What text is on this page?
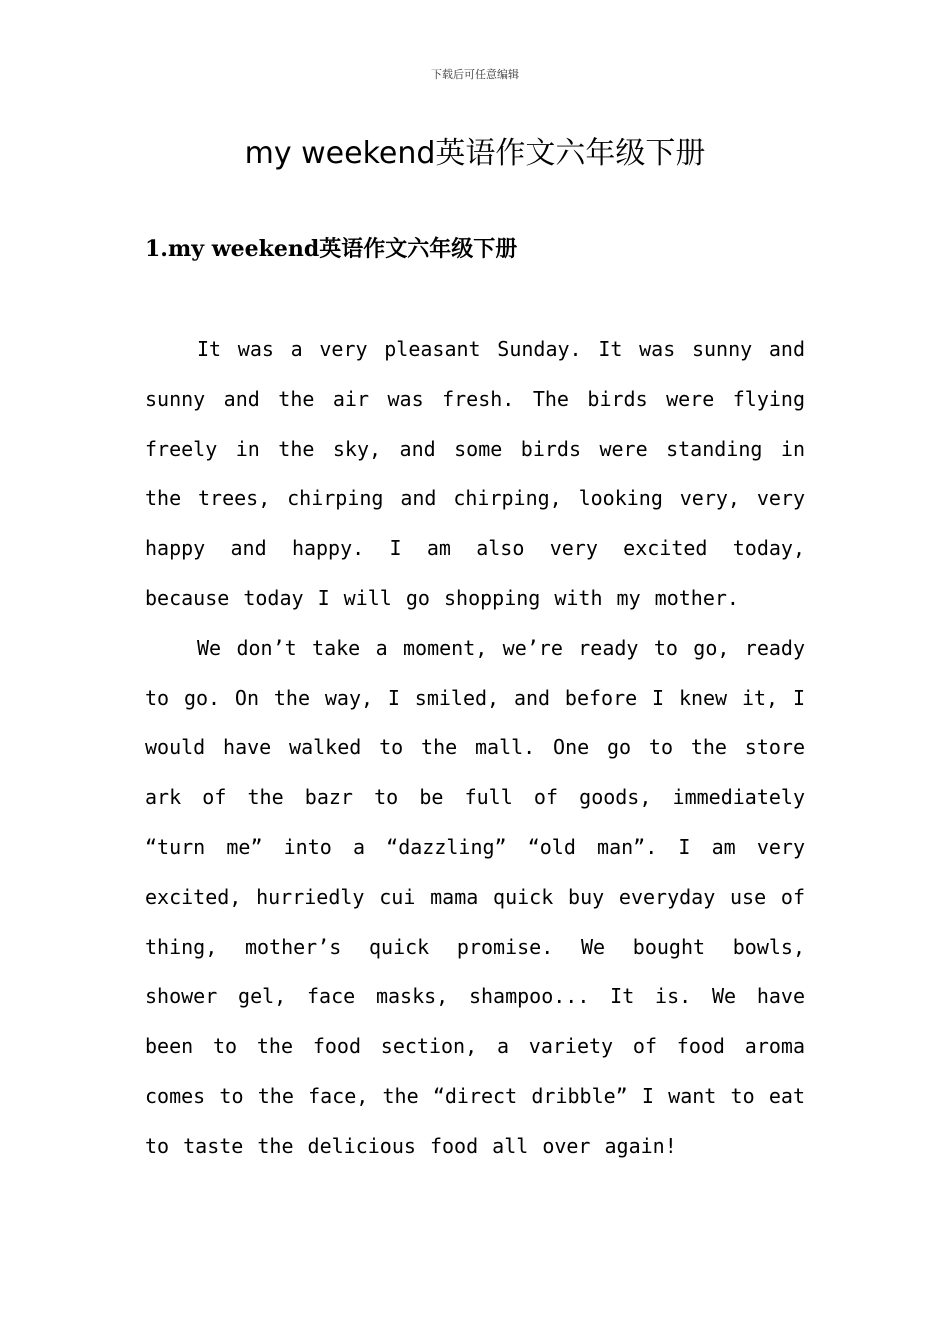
下载后可任意编辑
my weekend英语作文六年级下册
1.my weekend英语作文六年级下册

It was a very pleasant Sunday. It was sunny and sunny and the air was fresh. The birds were flying freely in the sky, and some birds were standing in the trees, chirping and chirping, looking very, very happy and happy. I am also very excited today, because today I will go shopping with my mother.

We don’t take a moment, we’re ready to go, ready to go. On the way, I smiled, and before I knew it, I would have walked to the mall. One go to the store ark of the bazr to be full of goods, immediately “turn me” into a “dazzling” “old man”. I am very excited, hurriedly cui mama quick buy everyday use of thing, mother’s quick promise. We bought bowls, shower gel, face masks, shampoo... It is. We have been to the food section, a variety of food aroma comes to the face, the “direct dribble” I want to eat to taste the delicious food all over again!
